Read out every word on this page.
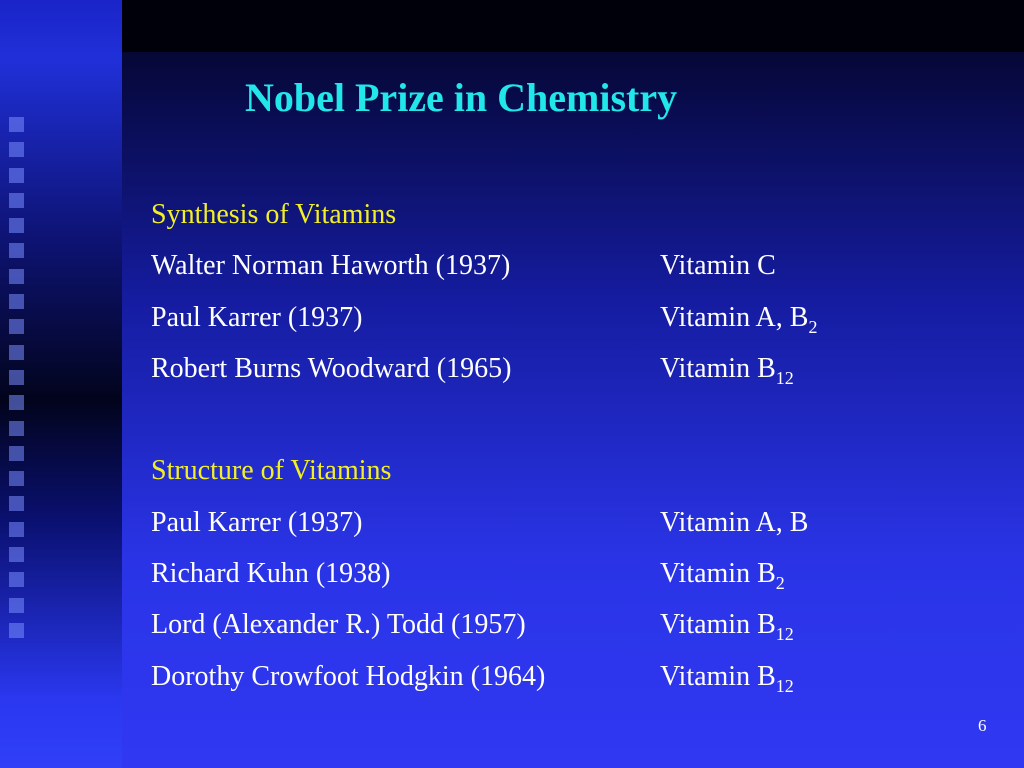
Nobel Prize in Chemistry
Synthesis of Vitamins
Walter Norman Haworth (1937)	Vitamin C
Paul Karrer (1937)	Vitamin A, $B_2$
Robert Burns Woodward (1965)	Vitamin $B_{12}$
Structure of Vitamins
Paul Karrer (1937)	Vitamin A, B
Richard Kuhn (1938)	Vitamin $B_2$
Lord (Alexander R.) Todd (1957)	Vitamin $B_{12}$
Dorothy Crowfoot Hodgkin (1964)	Vitamin $B_{12}$
6
